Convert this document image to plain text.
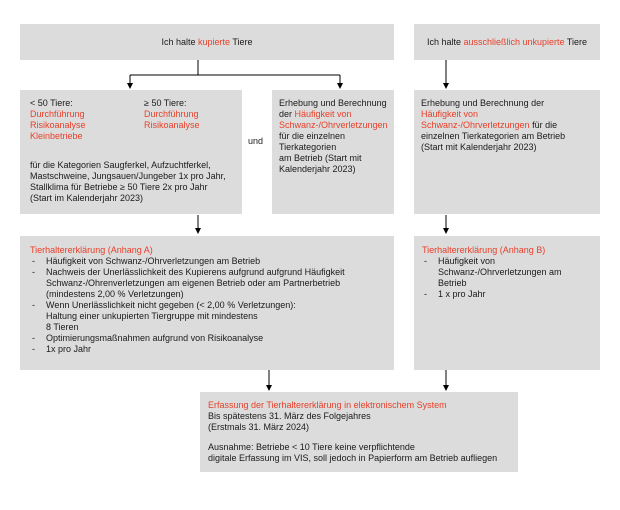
Ich halte kupierte Tiere	Ich halte ausschließlich unkupierte Tiere
< 50 Tiere:
Durchführung
Risikoanalyse
Kleinbetriebe
≥ 50 Tiere:
Durchführung
Risikoanalyse
für die Kategorien Saugferkel, Aufzuchtferkel,
Mastschweine, Jungsauen/Jungeber 1x pro Jahr,
Stallklima für Betriebe ≥ 50 Tiere 2x pro Jahr
(Start im Kalenderjahr 2023)
und
Erhebung und Berechnung
der Häufigkeit von
Schwanz-/Ohrverletzungen
für die einzelnen
Tierkategorien
am Betrieb (Start mit
Kalenderjahr 2023)
Erhebung und Berechnung der
Häufigkeit von
Schwanz-/Ohrverletzungen für die
einzelnen Tierkategorien am Betrieb
(Start mit Kalenderjahr 2023)
Tierhaltererklärung (Anhang A)
- Häufigkeit von Schwanz-/Ohrverletzungen am Betrieb
- Nachweis der Unerlässlichkeit des Kupierens aufgrund aufgrund Häufigkeit
Schwanz-/Ohrenverletzungen am eigenen Betrieb oder am Partnerbetrieb
(mindestens 2,00 % Verletzungen)
- Wenn Unerlässlichkeit nicht gegeben (< 2,00 % Verletzungen):
Haltung einer unkupierten Tiergruppe mit mindestens
8 Tieren
- Optimierungsmaßnahmen aufgrund von Risikoanalyse
- 1x pro Jahr
Tierhaltererklärung (Anhang B)
- Häufigkeit von
Schwanz-/Ohrverletzungen am
Betrieb
- 1 x pro Jahr
Erfassung der Tierhaltererklärung in elektronischem System
Bis spätestens 31. März des Folgejahres
(Erstmals 31. März 2024)
Ausnahme: Betriebe < 10 Tiere keine verpflichtende
digitale Erfassung im VIS, soll jedoch in Papierform am Betrieb aufliegen
